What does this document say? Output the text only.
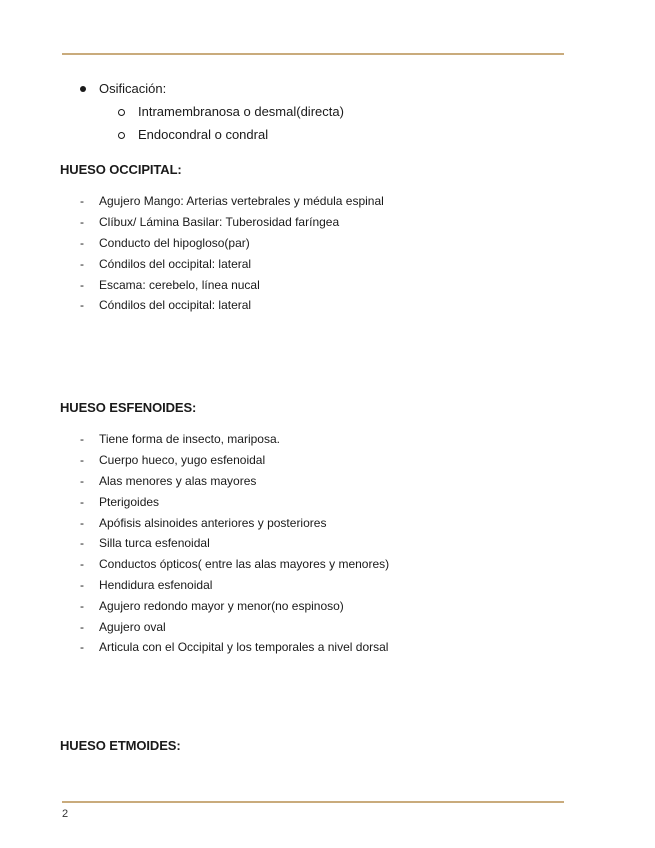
Osificación:
Intramembranosa o desmal(directa)
Endocondral o condral
HUESO OCCIPITAL:
-	Agujero Mango: Arterias vertebrales y médula espinal
-	Clíbux/ Lámina Basilar: Tuberosidad faríngea
-	Conducto del hipogloso(par)
-	Cóndilos del occipital: lateral
-	Escama: cerebelo, línea nucal
-	Cóndilos del occipital: lateral
HUESO ESFENOIDES:
-	Tiene forma de insecto, mariposa.
-	Cuerpo hueco, yugo esfenoidal
-	Alas menores y alas mayores
-	Pterigoides
-	Apófisis alsinoides anteriores y posteriores
-	Silla turca esfenoidal
-	Conductos ópticos( entre las alas mayores y menores)
-	Hendidura esfenoidal
-	Agujero redondo mayor y menor(no espinoso)
-	Agujero oval
-	Articula con el Occipital y los temporales a nivel dorsal
HUESO ETMOIDES:
2
